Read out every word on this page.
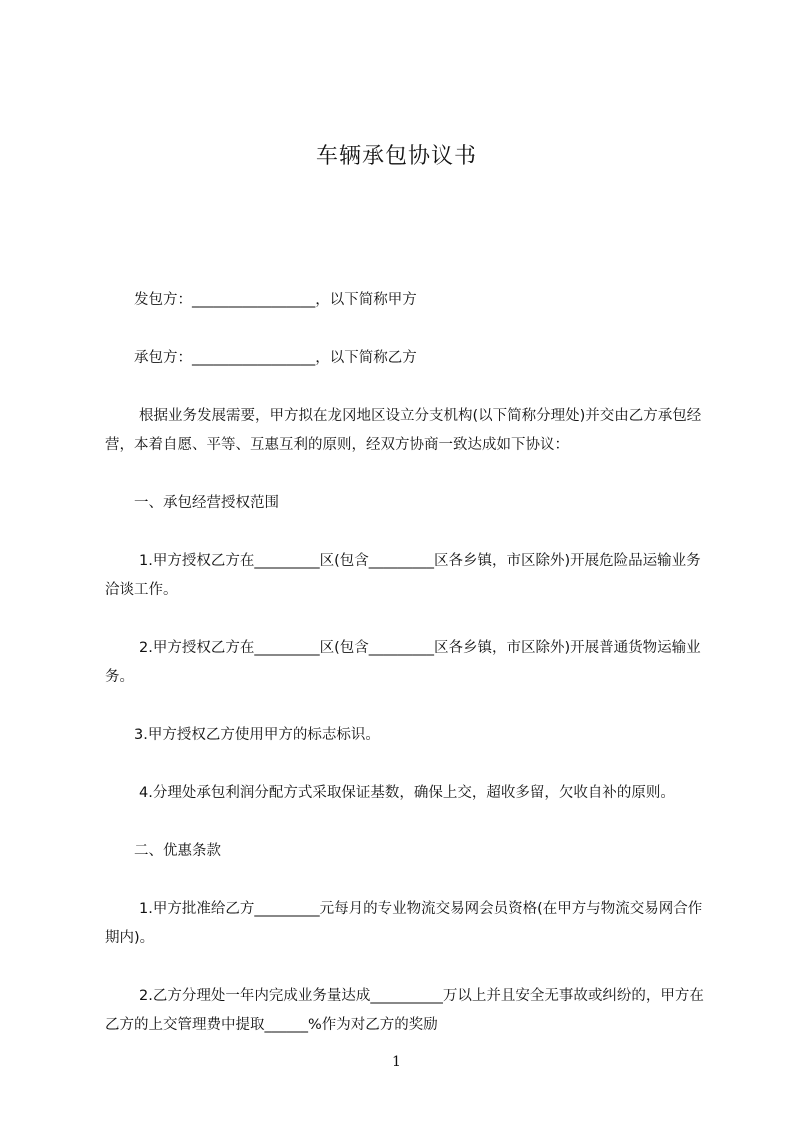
车辆承包协议书

发包方：_________________，以下简称甲方

承包方：_________________，以下简称乙方

根据业务发展需要，甲方拟在龙冈地区设立分支机构(以下简称分理处)并交由乙方承包经营，本着自愿、平等、互惠互利的原则，经双方协商一致达成如下协议：

一、承包经营授权范围

1.甲方授权乙方在_________区(包含_________区各乡镇，市区除外)开展危险品运输业务洽谈工作。

2.甲方授权乙方在_________区(包含_________区各乡镇，市区除外)开展普通货物运输业务。

3.甲方授权乙方使用甲方的标志标识。

4.分理处承包利润分配方式采取保证基数，确保上交，超收多留，欠收自补的原则。

二、优惠条款

1.甲方批准给乙方_________元每月的专业物流交易网会员资格(在甲方与物流交易网合作期内)。

2.乙方分理处一年内完成业务量达成__________万以上并且安全无事故或纠纷的，甲方在乙方的上交管理费中提取______%作为对乙方的奖励

1
